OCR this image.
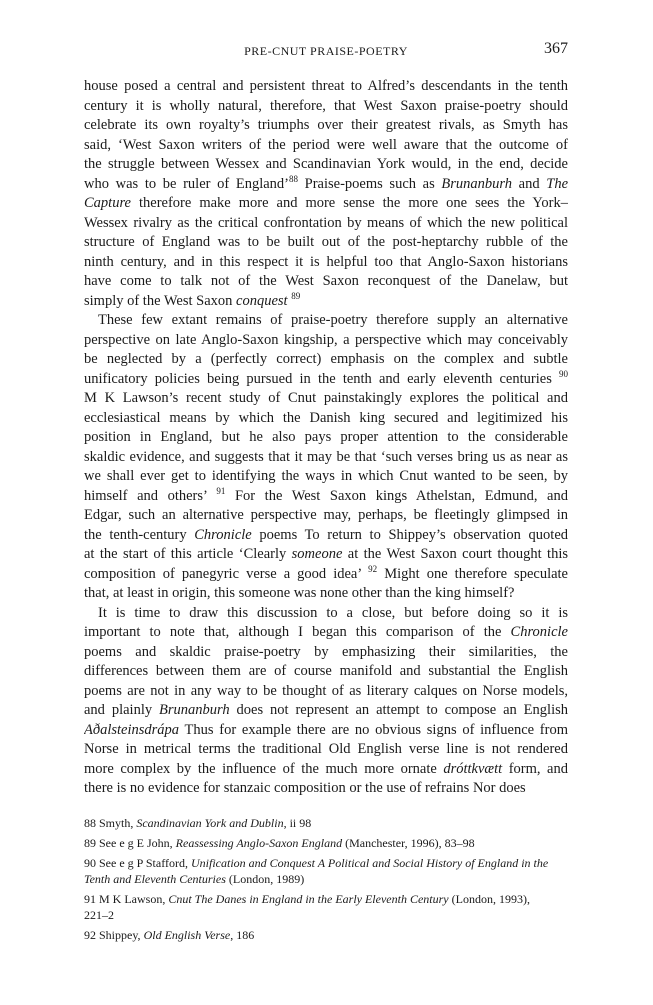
PRE-CNUT PRAISE-POETRY	367
house posed a central and persistent threat to Alfred’s descendants in the tenth
century it is wholly natural, therefore, that West Saxon praise-poetry should
celebrate its own royalty’s triumphs over their greatest rivals, as Smyth has
said, ‘West Saxon writers of the period were well aware that the outcome of
the struggle between Wessex and Scandinavian York would, in the end, decide
who was to be ruler of England’$^{88}$ Praise-poems such as Brunanburh and The
Capture therefore make more and more sense the more one sees the York–
Wessex rivalry as the critical confrontation by means of which the new political
structure of England was to be built out of the post-heptarchy rubble of the
ninth century, and in this respect it is helpful too that Anglo-Saxon historians
have come to talk not of the West Saxon reconquest of the Danelaw, but
simply of the West Saxon conquest $^{89}$
These few extant remains of praise-poetry therefore supply an alternative
perspective on late Anglo-Saxon kingship, a perspective which may conceivably
be neglected by a (perfectly correct) emphasis on the complex and subtle
unificatory policies being pursued in the tenth and early eleventh centuries $^{90}$
M K Lawson’s recent study of Cnut painstakingly explores the political and
ecclesiastical means by which the Danish king secured and legitimized his
position in England, but he also pays proper attention to the considerable
skaldic evidence, and suggests that it may be that ‘such verses bring us as near as
we shall ever get to identifying the ways in which Cnut wanted to be seen, by
himself and others’ $^{91}$ For the West Saxon kings Athelstan, Edmund, and
Edgar, such an alternative perspective may, perhaps, be fleetingly glimpsed in
the tenth-century Chronicle poems To return to Shippey’s observation quoted
at the start of this article ‘Clearly someone at the West Saxon court thought this
composition of panegyric verse a good idea’ $^{92}$ Might one therefore speculate
that, at least in origin, this someone was none other than the king himself?
It is time to draw this discussion to a close, but before doing so it is
important to note that, although I began this comparison of the Chronicle
poems and skaldic praise-poetry by emphasizing their similarities, the
differences between them are of course manifold and substantial the English
poems are not in any way to be thought of as literary calques on Norse models,
and plainly Brunanburh does not represent an attempt to compose an English
Aðalsteinsdrápa Thus for example there are no obvious signs of influence from
Norse in metrical terms the traditional Old English verse line is not rendered
more complex by the influence of the much more ornate dróttkvætt form, and
there is no evidence for stanzaic composition or the use of refrains Nor does
88 Smyth, Scandinavian York and Dublin, ii 98
89 See e g E John, Reassessing Anglo-Saxon England (Manchester, 1996), 83–98
90 See e g P Stafford, Unification and Conquest A Political and Social History of England in the
Tenth and Eleventh Centuries (London, 1989)
91 M K Lawson, Cnut The Danes in England in the Early Eleventh Century (London, 1993),
221–2
92 Shippey, Old English Verse, 186
